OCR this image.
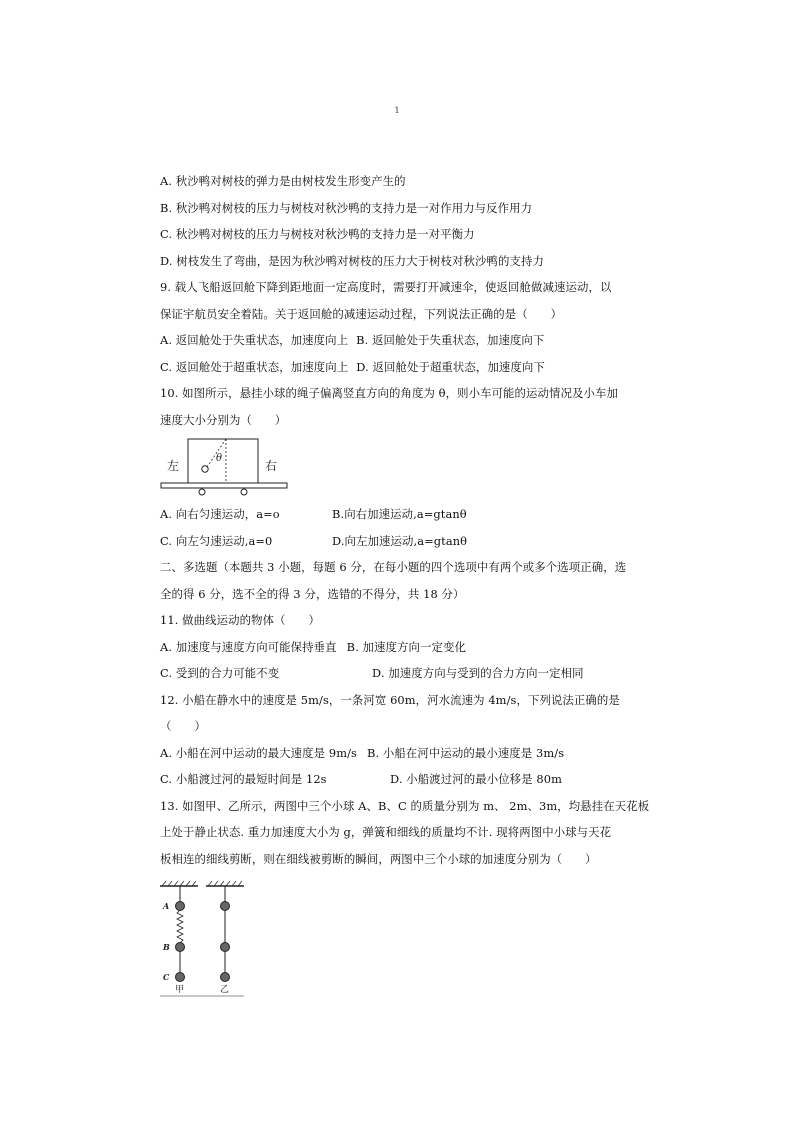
1
A. 秋沙鸭对树枝的弹力是由树枝发生形变产生的
B. 秋沙鸭对树枝的压力与树枝对秋沙鸭的支持力是一对作用力与反作用力
C. 秋沙鸭对树枝的压力与树枝对秋沙鸭的支持力是一对平衡力
D. 树枝发生了弯曲，是因为秋沙鸭对树枝的压力大于树枝对秋沙鸭的支持力
9. 载人飞船返回舱下降到距地面一定高度时，需要打开减速伞，使返回舱做减速运动，以
保证宇航员安全着陆。关于返回舱的减速运动过程，下列说法正确的是（　　）
A. 返回舱处于失重状态，加速度向上 B. 返回舱处于失重状态，加速度向下
C. 返回舱处于超重状态，加速度向上 D. 返回舱处于超重状态，加速度向下
10. 如图所示，悬挂小球的绳子偏离竖直方向的角度为 θ，则小车可能的运动情况及小车加
速度大小分别为（　　）
θ
左	右
A. 向右匀速运动，a=o	B.向右加速运动,a=gtanθ
C. 向左匀速运动,a=0	D.向左加速运动,a=gtanθ
二、多选题（本题共 3 小题，每题 6 分，在每小题的四个选项中有两个或多个选项正确，选
全的得 6 分，选不全的得 3 分，选错的不得分，共 18 分）
11. 做曲线运动的物体（　　）
A. 加速度与速度方向可能保持垂直 B. 加速度方向一定变化
C. 受到的合力可能不变	D. 加速度方向与受到的合力方向一定相同
12. 小船在静水中的速度是 5m/s，一条河宽 60m，河水流速为 4m/s，下列说法正确的是
（　　）
A. 小船在河中运动的最大速度是 9m/s B. 小船在河中运动的最小速度是 3m/s
C. 小船渡过河的最短时间是 12s	D. 小船渡过河的最小位移是 80m
13. 如图甲、乙所示，两图中三个小球 A、B、C 的质量分别为 m、 2m、3m，均悬挂在天花板
上处于静止状态. 重力加速度大小为 g，弹簧和细线的质量均不计. 现将两图中小球与天花
板相连的细线剪断，则在细线被剪断的瞬间，两图中三个小球的加速度分别为（　　）
A
B
C
甲	乙
